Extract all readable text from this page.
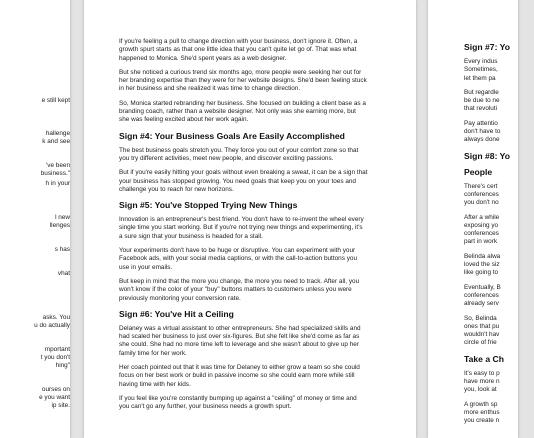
e still kept
hallenge
k and see
've been
business."
h in your
l new
llenges
s has
vhat
asks. You
u do actually
mportant
t you don't
hing"
ourses on
e you want
ip site.
If you're feeling a pull to change direction with your business, don't ignore it. Often, a
growth spurt starts as that one little idea that you can't quite let go of. That was what
happened to Monica. She'd spent years as a web designer.
But she noticed a curious trend six months ago, more people were seeking her out for
her branding expertise than they were for her website designs. She'd been feeling stuck
in her business and she realized it was time to change direction.
So, Monica started rebranding her business. She focused on building a client base as a
branding coach, rather than a website designer. Not only was she earning more, but
she was feeling excited about her work again.
Sign #4: Your Business Goals Are Easily Accomplished
The best business goals stretch you. They force you out of your comfort zone so that
you try different activities, meet new people, and discover exciting passions.
But if you're easily hitting your goals without even breaking a sweat, it can be a sign that
your business has stopped growing. You need goals that keep you on your toes and
challenge you to reach for new horizons.
Sign #5: You've Stopped Trying New Things
Innovation is an entrepreneur's best friend. You don't have to re-invent the wheel every
single time you start working. But if you're not trying new things and experimenting, it's
a sure sign that your business is headed for a stall.
Your experiments don't have to be huge or disruptive. You can experiment with your
Facebook ads, with your social media captions, or with the call-to-action buttons you
use in your emails.
But keep in mind that the more you change, the more you need to track. After all, you
won't know if the color of your "buy" buttons matters to customers unless you were
previously monitoring your conversion rate.
Sign #6: You've Hit a Ceiling
Delaney was a virtual assistant to other entrepreneurs. She had specialized skills and
had scaled her business to just over six-figures. But she felt like she'd come as far as
she could. She had no more time left to leverage and she wasn't about to give up her
family time for her work.
Her coach pointed out that it was time for Delaney to either grow a team so she could
focus on her best work or build in passive income so she could earn more while still
having time with her kids.
If you feel like you're constantly bumping up against a "ceiling" of money or time and
you can't go any further, your business needs a growth spurt.
Sign #7: Yo
Every indus
Sometimes,
let them pa
But regardle
be due to ne
that revoluti
Pay attentio
don't have to
always done
Sign #8: Yo
People
There's cert
conferences
you don't no
After a while
exposing yo
conferences
part in work
Belinda alwa
loved the siz
like going to
Eventually, B
conferences
already serv
So, Belinda
ones that pu
wouldn't hav
circle of frie
Take a Ch
It's easy to p
have more n
you, look at
A growth sp
more enthus
you create n
